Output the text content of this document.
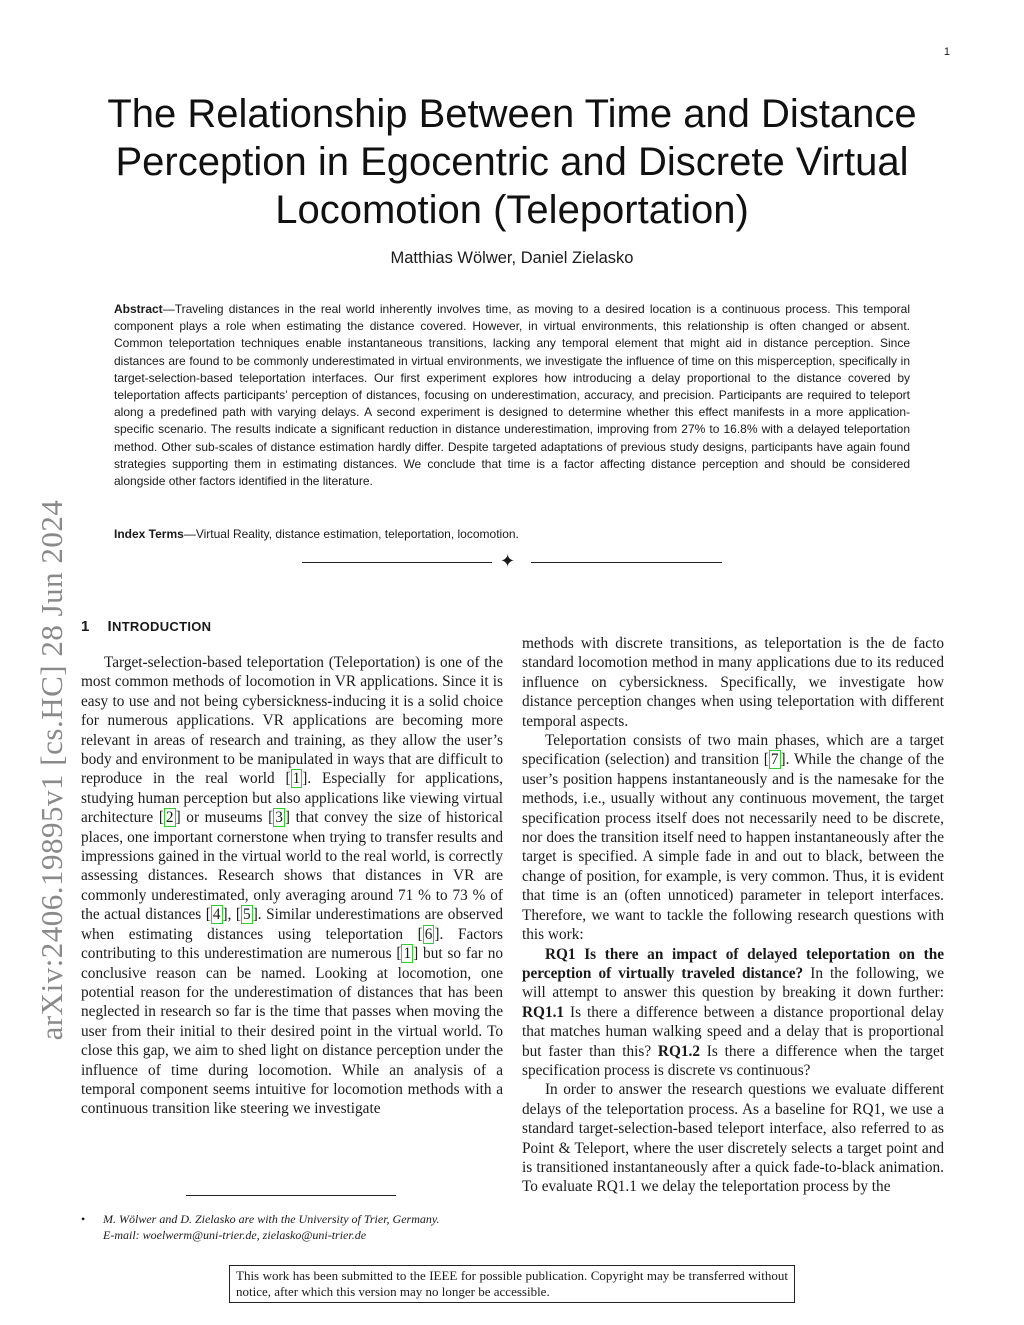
1
arXiv:2406.19895v1 [cs.HC] 28 Jun 2024
The Relationship Between Time and Distance
Perception in Egocentric and Discrete Virtual
Locomotion (Teleportation)
Matthias Wölwer, Daniel Zielasko

Abstract—Traveling distances in the real world inherently involves time, as moving to a desired location is a continuous process. This temporal component plays a role when estimating the distance covered. However, in virtual environments, this relationship is often changed or absent. Common teleportation techniques enable instantaneous transitions, lacking any temporal element that might aid in distance perception. Since distances are found to be commonly underestimated in virtual environments, we investigate the influence of time on this misperception, specifically in target-selection-based teleportation interfaces. Our first experiment explores how introducing a delay proportional to the distance covered by teleportation affects participants’ perception of distances, focusing on underestimation, accuracy, and precision. Participants are required to teleport along a predefined path with varying delays. A second experiment is designed to determine whether this effect manifests in a more application-specific scenario. The results indicate a significant reduction in distance underestimation, improving from 27% to 16.8% with a delayed teleportation method. Other sub-scales of distance estimation hardly differ. Despite targeted adaptations of previous study designs, participants have again found strategies supporting them in estimating distances. We conclude that time is a factor affecting distance perception and should be considered alongside other factors identified in the literature.

Index Terms—Virtual Reality, distance estimation, teleportation, locomotion.

✦
1 INTRODUCTION

Target-selection-based teleportation (Teleportation) is one of the most common methods of locomotion in VR applications. Since it is easy to use and not being cybersickness-inducing it is a solid choice for numerous applications. VR applications are becoming more relevant in areas of research and training, as they allow the user’s body and environment to be manipulated in ways that are difficult to reproduce in the real world [ 1 ]. Especially for applications, studying human perception but also applications like viewing virtual architecture [ 2 ] or museums [ 3 ] that convey the size of historical places, one important cornerstone when trying to transfer results and impressions gained in the virtual world to the real world, is correctly assessing distances. Research shows that distances in VR are commonly underestimated, only averaging around 71 % to 73 % of the actual distances [ 4 ], [ 5 ]. Similar underestimations are observed when estimating distances using teleportation [ 6 ]. Factors contributing to this underestimation are numerous [ 1 ] but so far no conclusive reason can be named. Looking at locomotion, one potential reason for the underestimation of distances that has been neglected in research so far is the time that passes when moving the user from their initial to their desired point in the virtual world. To close this gap, we aim to shed light on distance perception under the influence of time during locomotion. While an analysis of a temporal component seems intuitive for locomotion methods with a continuous transition like steering we investigate

methods with discrete transitions, as teleportation is the de facto standard locomotion method in many applications due to its reduced influence on cybersickness. Specifically, we investigate how distance perception changes when using teleportation with different temporal aspects.

Teleportation consists of two main phases, which are a target specification (selection) and transition [ 7 ]. While the change of the user’s position happens instantaneously and is the namesake for the methods, i.e., usually without any continuous movement, the target specification process itself does not necessarily need to be discrete, nor does the transition itself need to happen instantaneously after the target is specified. A simple fade in and out to black, between the change of position, for example, is very common. Thus, it is evident that time is an (often unnoticed) parameter in teleport interfaces. Therefore, we want to tackle the following research questions with this work:

RQ1 Is there an impact of delayed teleportation on the perception of virtually traveled distance? In the following, we will attempt to answer this question by breaking it down further: RQ1.1 Is there a difference between a distance proportional delay that matches human walking speed and a delay that is proportional but faster than this? RQ1.2 Is there a difference when the target specification process is discrete vs continuous?

In order to answer the research questions we evaluate different delays of the teleportation process. As a baseline for RQ1, we use a standard target-selection-based teleport interface, also referred to as Point & Teleport, where the user discretely selects a target point and is transitioned instantaneously after a quick fade-to-black animation. To evaluate RQ1.1 we delay the teleportation process by the

• M. Wölwer and D. Zielasko are with the University of Trier, Germany.
E-mail: woelwerm@uni-trier.de, zielasko@uni-trier.de
This work has been submitted to the IEEE for possible publication. Copyright may be transferred without notice, after which this version may no longer be accessible.
